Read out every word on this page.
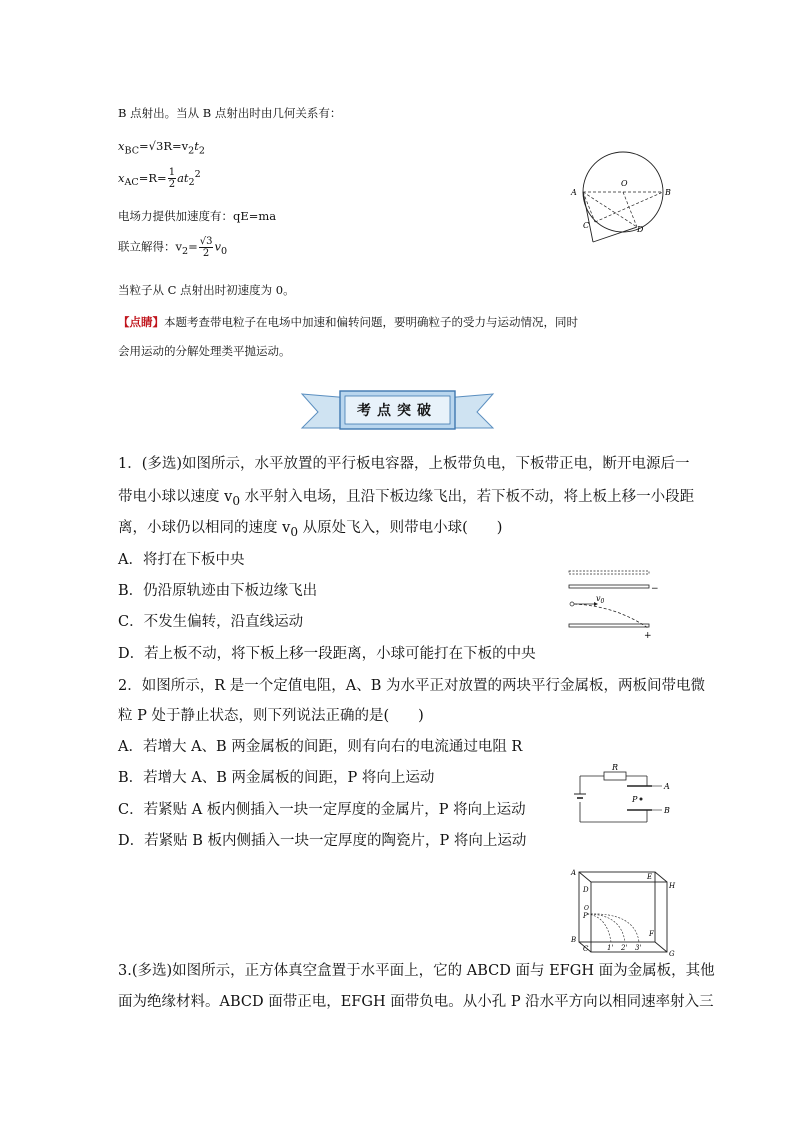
B 点射出。当从 B 点射出时由几何关系有：
$x_{BC}=√3R=v_2t_2$
$x_{AC}=R= \frac{1}{2} at_2^2$
电场力提供加速度有：qE=ma
联立解得：$v_2= \frac{√3}{2} v_0$
当粒子从 C 点射出时初速度为 0。
【点睛】本题考查带电粒子在电场中加速和偏转问题，要明确粒子的受力与运动情况，同时
会用运动的分解处理类平抛运动。
A
O
B
C	D
考点突破
1．(多选)如图所示，水平放置的平行板电容器，上板带负电，下板带正电，断开电源后一
带电小球以速度 $v_0$ 水平射入电场，且沿下板边缘飞出，若下板不动，将上板上移一小段距
离，小球仍以相同的速度 $v_0$ 从原处飞入，则带电小球(　　)
A．将打在下板中央
B．仍沿原轨迹由下板边缘飞出
C．不发生偏转，沿直线运动
D．若上板不动，将下板上移一段距离，小球可能打在下板的中央
$v_0$
−
+
2．如图所示，R 是一个定值电阻，A、B 为水平正对放置的两块平行金属板，两板间带电微
粒 P 处于静止状态，则下列说法正确的是(　　)
A．若增大 A、B 两金属板的间距，则有向右的电流通过电阻 R
B．若增大 A、B 两金属板的间距，P 将向上运动
C．若紧贴 A 板内侧插入一块一定厚度的金属片，P 将向上运动
D．若紧贴 B 板内侧插入一块一定厚度的陶瓷片，P 将向上运动
R
A
P
B
A	E
H
D
O
P
B
C	1' 2' 3'
F
G
3.(多选)如图所示，正方体真空盒置于水平面上，它的 ABCD 面与 EFGH 面为金属板，其他
面为绝缘材料。ABCD 面带正电，EFGH 面带负电。从小孔 P 沿水平方向以相同速率射入三
